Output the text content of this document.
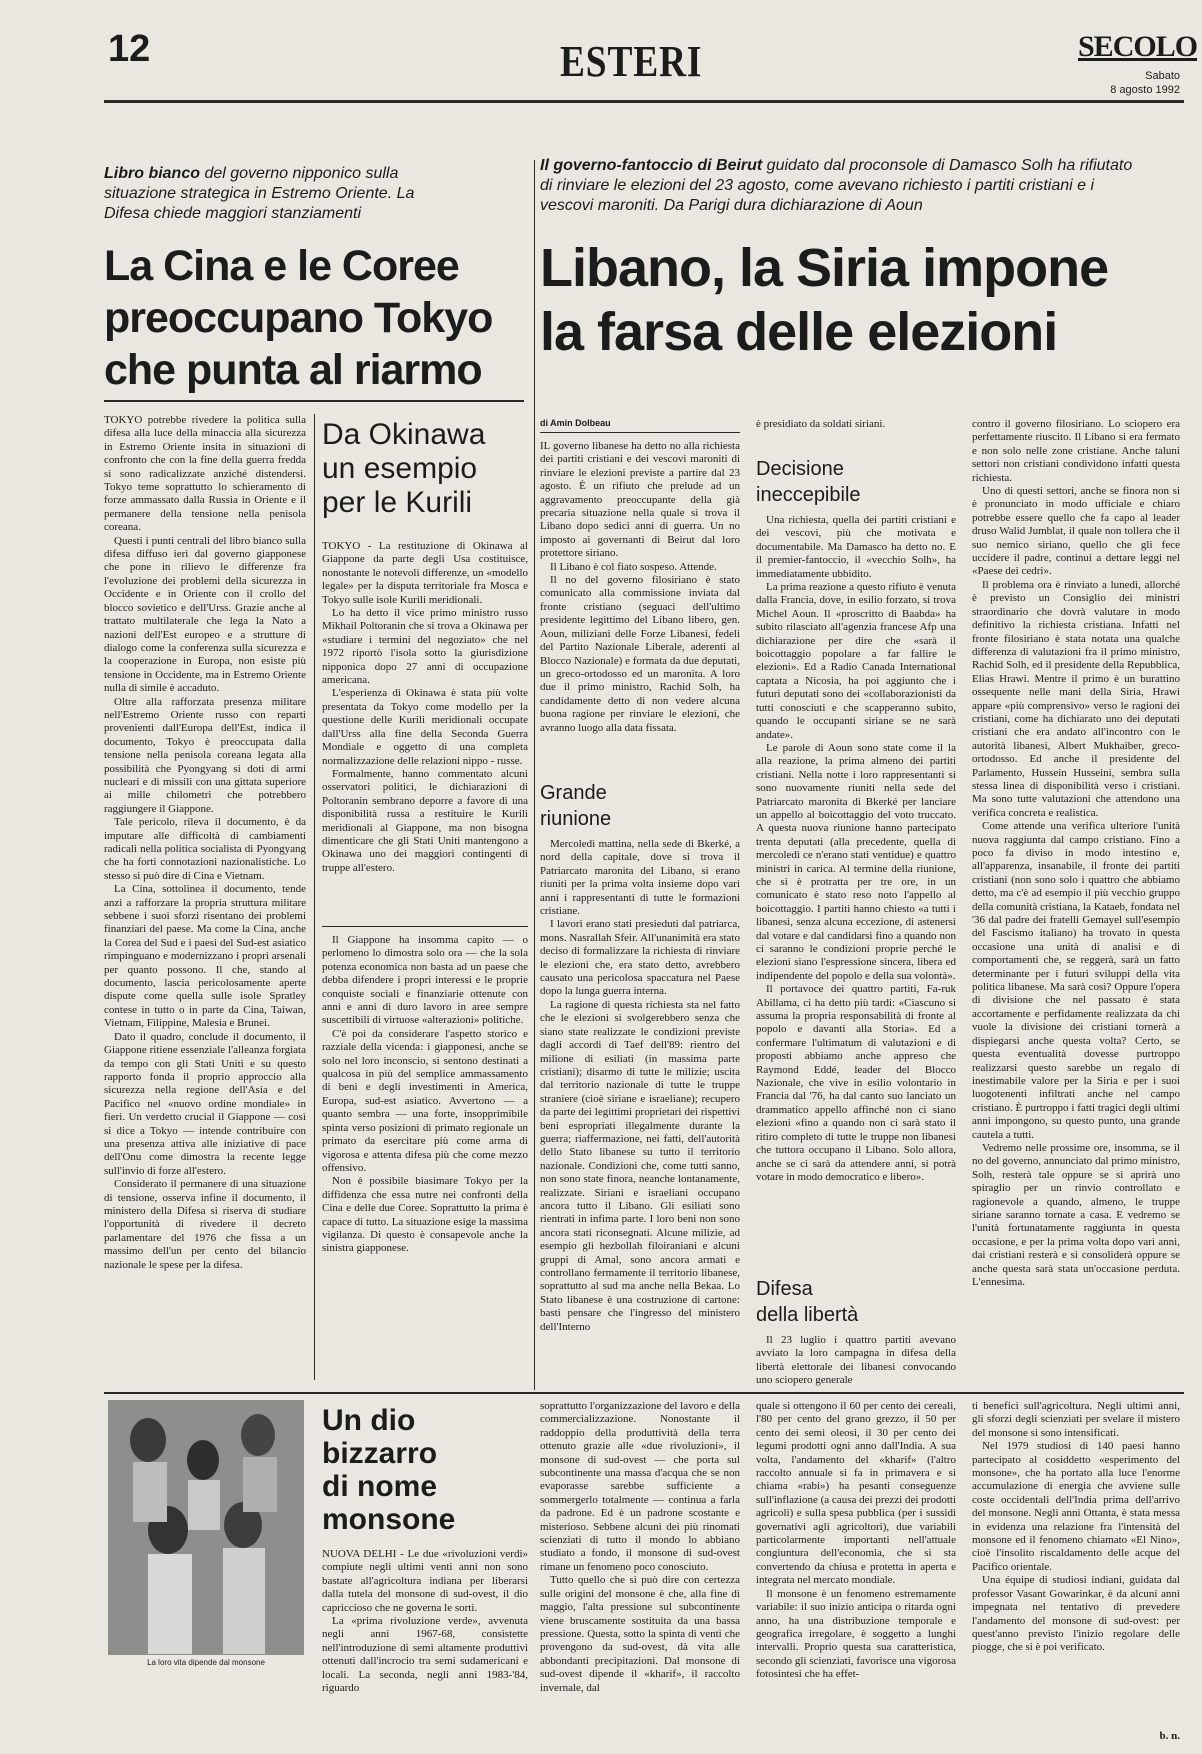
12	ESTERI	SECOLO
Sabato
8 agosto 1992
Libro bianco del governo nipponico sulla situazione strategica in Estremo Oriente. La Difesa chiede maggiori stanziamenti
La Cina e le Coree
preoccupano Tokyo
che punta al riarmo

TOKYO potrebbe rivedere la politica sulla difesa alla luce della minaccia alla sicurezza in Estremo Oriente insita in situazioni di confronto che con la fine della guerra fredda si sono radicalizzate anziché distendersi. Tokyo teme soprattutto lo schieramento di forze ammassato dalla Russia in Oriente e il permanere della tensione nella penisola coreana.

Questi i punti centrali del libro bianco sulla difesa diffuso ieri dal governo giapponese che pone in rilievo le differenze fra l'evoluzione dei problemi della sicurezza in Occidente e in Oriente con il crollo del blocco sovietico e dell'Urss. Grazie anche al trattato multilaterale che lega la Nato a nazioni dell'Est europeo e a strutture di dialogo come la conferenza sulla sicurezza e la cooperazione in Europa, non esiste più tensione in Occidente, ma in Estremo Oriente nulla di simile è accaduto.

Oltre alla rafforzata presenza militare nell'Estremo Oriente russo con reparti provenienti dall'Europa dell'Est, indica il documento, Tokyo è preoccupata dalla tensione nella penisola coreana legata alla possibilità che Pyongyang si doti di armi nucleari e di missili con una gittata superiore ai mille chilometri che potrebbero raggiungere il Giappone.

Tale pericolo, rileva il documento, è da imputare alle difficoltà di cambiamenti radicali nella politica socialista di Pyongyang che ha forti connotazioni nazionalistiche. Lo stesso si può dire di Cina e Vietnam.

La Cina, sottolinea il documento, tende anzi a rafforzare la propria struttura militare sebbene i suoi sforzi risentano dei problemi finanziari del paese. Ma come la Cina, anche la Corea del Sud e i paesi del Sud-est asiatico rimpinguano e modernizzano i propri arsenali per quanto possono. Il che, stando al documento, lascia pericolosamente aperte dispute come quella sulle isole Spratley contese in tutto o in parte da Cina, Taiwan, Vietnam, Filippine, Malesia e Brunei.

Dato il quadro, conclude il documento, il Giappone ritiene essenziale l'alleanza forgiata da tempo con gli Stati Uniti e su questo rapporto fonda il proprio approccio alla sicurezza nella regione dell'Asia e del Pacifico nel «nuovo ordine mondiale» in fieri. Un verdetto crucial il Giappone — così si dice a Tokyo — intende contribuire con una presenza attiva alle iniziative di pace dell'Onu come dimostra la recente legge sull'invio di forze all'estero.

Considerato il permanere di una situazione di tensione, osserva infine il documento, il ministero della Difesa si riserva di studiare l'opportunità di rivedere il decreto parlamentare del 1976 che fissa a un massimo dell'un per cento del bilancio nazionale le spese per la difesa.

Da Okinawa
un esempio
per le Kurili

TOKYO - La restituzione di Okinawa al Giappone da parte degli Usa costituisce, nonostante le notevoli differenze, un «modello legale» per la disputa territoriale fra Mosca e Tokyo sulle isole Kurili meridionali.

Lo ha detto il vice primo ministro russo Mikhail Poltoranin che si trova a Okinawa per «studiare i termini del negoziato» che nel 1972 riportò l'isola sotto la giurisdizione nipponica dopo 27 anni di occupazione americana.

L'esperienza di Okinawa è stata più volte presentata da Tokyo come modello per la questione delle Kurili meridionali occupate dall'Urss alla fine della Seconda Guerra Mondiale e oggetto di una completa normalizzazione delle relazioni nippo - russe.

Formalmente, hanno commentato alcuni osservatori politici, le dichiarazioni di Poltoranin sembrano deporre a favore di una disponibilità russa a restituire le Kurili meridionali al Giappone, ma non bisogna dimenticare che gli Stati Uniti mantengono a Okinawa uno dei maggiori contingenti di truppe all'estero.

Il Giappone ha insomma capito — o perlomeno lo dimostra solo ora — che la sola potenza economica non basta ad un paese che debba difendere i propri interessi e le proprie conquiste sociali e finanziarie ottenute con anni e anni di duro lavoro in aree sempre suscettibili di virtuose «alterazioni» politiche.

C'è poi da considerare l'aspetto storico e razziale della vicenda: i giapponesi, anche se solo nel loro inconscio, si sentono destinati a qualcosa in più del semplice ammassamento di beni e degli investimenti in America, Europa, sud-est asiatico. Avvertono — a quanto sembra — una forte, insopprimibile spinta verso posizioni di primato regionale un primato da esercitare più come arma di vigorosa e attenta difesa più che come mezzo offensivo.

Non è possibile biasimare Tokyo per la diffidenza che essa nutre nei confronti della Cina e delle due Coree. Soprattutto la prima è capace di tutto. La situazione esige la massima vigilanza. Di questo è consapevole anche la sinistra giapponese.

Il governo-fantoccio di Beirut guidato dal proconsole di Damasco Solh ha rifiutato di rinviare le elezioni del 23 agosto, come avevano richiesto i partiti cristiani e i vescovi maroniti. Da Parigi dura dichiarazione di Aoun
Libano, la Siria impone
la farsa delle elezioni
di Amin Dolbeau

IL governo libanese ha detto no alla richiesta dei partiti cristiani e dei vescovi maroniti di rinviare le elezioni previste a partire dal 23 agosto. È un rifiuto che prelude ad un aggravamento preoccupante della già precaria situazione nella quale si trova il Libano dopo sedici anni di guerra. Un no imposto ai governanti di Beirut dal loro protettore siriano.

Il Libano è col fiato sospeso. Attende.

Il no del governo filosiriano è stato comunicato alla commissione inviata dal fronte cristiano (seguaci dell'ultimo presidente legittimo del Libano libero, gen. Aoun, miliziani delle Forze Libanesi, fedeli del Partito Nazionale Liberale, aderenti al Blocco Nazionale) e formata da due deputati, un greco-ortodosso ed un maronita. A loro due il primo ministro, Rachid Solh, ha candidamente detto di non vedere alcuna buona ragione per rinviare le elezioni, che avranno luogo alla data fissata.

Grande
riunione

Mercoledì mattina, nella sede di Bkerké, a nord della capitale, dove si trova il Patriarcato maronita del Libano, si erano riuniti per la prima volta insieme dopo vari anni i rappresentanti di tutte le formazioni cristiane.

I lavori erano stati presieduti dal patriarca, mons. Nasrallah Sfeir. All'unanimità era stato deciso di formalizzare la richiesta di rinviare le elezioni che, era stato detto, avrebbero causato una pericolosa spaccatura nel Paese dopo la lunga guerra interna.

La ragione di questa richiesta sta nel fatto che le elezioni si svolgerebbero senza che siano state realizzate le condizioni previste dagli accordi di Taef dell'89: rientro del milione di esiliati (in massima parte cristiani); disarmo di tutte le milizie; uscita dal territorio nazionale di tutte le truppe straniere (cioè siriane e israeliane); recupero da parte dei legittimi proprietari dei rispettivi beni espropriati illegalmente durante la guerra; riaffermazione, nei fatti, dell'autorità dello Stato libanese su tutto il territorio nazionale. Condizioni che, come tutti sanno, non sono state finora, neanche lontanamente, realizzate. Siriani e israeliani occupano ancora tutto il Libano. Gli esiliati sono rientrati in infima parte. I loro beni non sono ancora stati riconsegnati. Alcune milizie, ad esempio gli hezbollah filoiraniani e alcuni gruppi di Amal, sono ancora armati e controllano fermamente il territorio libanese, soprattutto al sud ma anche nella Bekaa. Lo Stato libanese è una costruzione di cartone: basti pensare che l'ingresso del ministero dell'Interno

è presidiato da soldati siriani.

Decisione
ineccepibile

Una richiesta, quella dei partiti cristiani e dei vescovi, più che motivata e documentabile. Ma Damasco ha detto no. E il premier-fantoccio, il «vecchio Solh», ha immediatamente ubbidito.

La prima reazione a questo rifiuto è venuta dalla Francia, dove, in esilio forzato, si trova Michel Aoun. Il «proscritto di Baabda» ha subito rilasciato all'agenzia francese Afp una dichiarazione per dire che «sarà il boicottaggio popolare a far fallire le elezioni». Ed a Radio Canada International captata a Nicosia, ha poi aggiunto che i futuri deputati sono dei «collaborazionisti da tutti conosciuti e che scapperanno subito, quando le occupanti siriane se ne sarà andate».

Le parole di Aoun sono state come il la alla reazione, la prima almeno dei partiti cristiani. Nella notte i loro rappresentanti si sono nuovamente riuniti nella sede del Patriarcato maronita di Bkerké per lanciare un appello al boicottaggio del voto truccato. A questa nuova riunione hanno partecipato trenta deputati (alla precedente, quella di mercoledì ce n'erano stati ventidue) e quattro ministri in carica. Al termine della riunione, che si è protratta per tre ore, in un comunicato è stato reso noto l'appello al boicottaggio. I partiti hanno chiesto «a tutti i libanesi, senza alcuna eccezione, di astenersi dal votare e dal candidarsi fino a quando non ci saranno le condizioni proprie perché le elezioni siano l'espressione sincera, libera ed indipendente del popolo e della sua volontà».

Il portavoce dei quattro partiti, Fa-ruk Abillama, ci ha detto più tardi: «Ciascuno si assuma la propria responsabilità di fronte al popolo e davanti alla Storia». Ed a confermare l'ultimatum di valutazioni e di proposti abbiamo anche appreso che Raymond Eddé, leader del Blocco Nazionale, che vive in esilio volontario in Francia dal '76, ha dal canto suo lanciato un drammatico appello affinché non ci siano elezioni «fino a quando non ci sarà stato il ritiro completo di tutte le truppe non libanesi che tuttora occupano il Libano. Solo allora, anche se ci sarà da attendere anni, si potrà votare in modo democratico e libero».

Difesa
della libertà

Il 23 luglio i quattro partiti avevano avviato la loro campagna in difesa della libertà elettorale dei libanesi convocando uno sciopero generale

contro il governo filosiriano. Lo sciopero era perfettamente riuscito. Il Libano si era fermato e non solo nelle zone cristiane. Anche taluni settori non cristiani condividono infatti questa richiesta.

Uno di questi settori, anche se finora non si è pronunciato in modo ufficiale e chiaro potrebbe essere quello che fa capo al leader druso Walid Jumblat, il quale non tollera che il suo nemico siriano, quello che gli fece uccidere il padre, continui a dettare leggi nel «Paese dei cedri».

Il problema ora è rinviato a lunedì, allorché è previsto un Consiglio dei ministri straordinario che dovrà valutare in modo definitivo la richiesta cristiana. Infatti nel fronte filosiriano è stata notata una qualche differenza di valutazioni fra il primo ministro, Rachid Solh, ed il presidente della Repubblica, Elias Hrawi. Mentre il primo è un burattino ossequente nelle mani della Siria, Hrawi appare «più comprensivo» verso le ragioni dei cristiani, come ha dichiarato uno dei deputati cristiani che era andato all'incontro con le autorità libanesi, Albert Mukhaiber, greco-ortodosso. Ed anche il presidente del Parlamento, Hussein Husseini, sembra sulla stessa linea di disponibilità verso i cristiani. Ma sono tutte valutazioni che attendono una verifica concreta e realistica.

Come attende una verifica ulteriore l'unità nuova raggiunta dal campo cristiano. Fino a poco fa diviso in modo intestino e, all'apparenza, insanabile, il fronte dei partiti cristiani (non sono solo i quattro che abbiamo detto, ma c'è ad esempio il più vecchio gruppo della comunità cristiana, la Kataeb, fondata nel '36 dal padre dei fratelli Gemayel sull'esempio del Fascismo italiano) ha trovato in questa occasione una unità di analisi e di comportamenti che, se reggerà, sarà un fatto determinante per i futuri sviluppi della vita politica libanese. Ma sarà così? Oppure l'opera di divisione che nel passato è stata accortamente e perfidamente realizzata da chi vuole la divisione dei cristiani tornerà a dispiegarsi anche questa volta? Certo, se questa eventualità dovesse purtroppo realizzarsi questo sarebbe un regalo di inestimabile valore per la Siria e per i suoi luogotenenti infiltrati anche nel campo cristiano. È purtroppo i fatti tragici degli ultimi anni impongono, su questo punto, una grande cautela a tutti.

Vedremo nelle prossime ore, insomma, se il no del governo, annunciato dal primo ministro, Solh, resterà tale oppure se si aprirà uno spiraglio per un rinvio controllato e ragionevole a quando, almeno, le truppe siriane saranno tornate a casa. E vedremo se l'unità fortunatamente raggiunta in questa occasione, e per la prima volta dopo vari anni, dai cristiani resterà e si consoliderà oppure se anche questa sarà stata un'occasione perduta. L'ennesima.

La loro vita dipende dal monsone
Un dio
bizzarro
di nome
monsone

NUOVA DELHI - Le due «rivoluzioni verdi» compiute negli ultimi venti anni non sono bastate all'agricoltura indiana per liberarsi dalla tutela del monsone di sud-ovest, il dio capriccioso che ne governa le sorti.

La «prima rivoluzione verde», avvenuta negli anni 1967-68, consistette nell'introduzione di semi altamente produttivi ottenuti dall'incrocio tra semi sudamericani e locali. La seconda, negli anni 1983-'84, riguardo

soprattutto l'organizzazione del lavoro e della commercializzazione. Nonostante il raddoppio della produttività della terra ottenuto grazie alle «due rivoluzioni», il monsone di sud-ovest — che porta sul subcontinente una massa d'acqua che se non evaporasse sarebbe sufficiente a sommergerlo totalmente — continua a farla da padrone. Ed è un padrone scostante e misterioso. Sebbene alcuni dei più rinomati scienziati di tutto il mondo lo abbiano studiato a fondo, il monsone di sud-ovest rimane un fenomeno poco conosciuto.

Tutto quello che si può dire con certezza sulle origini del monsone è che, alla fine di maggio, l'alta pressione sul subcontinente viene bruscamente sostituita da una bassa pressione. Questa, sotto la spinta di venti che provengono da sud-ovest, dà vita alle abbondanti precipitazioni. Dal monsone di sud-ovest dipende il «kharif», il raccolto invernale, dal

quale si ottengono il 60 per cento dei cereali, l'80 per cento del grano grezzo, il 50 per cento dei semi oleosi, il 30 per cento dei legumi prodotti ogni anno dall'India. A sua volta, l'andamento del «kharif» (l'altro raccolto annuale si fa in primavera e si chiama «rabi») ha pesanti conseguenze sull'inflazione (a causa dei prezzi dei prodotti agricoli) e sulla spesa pubblica (per i sussidi governativi agli agricoltori), due variabili particolarmente importanti nell'attuale congiuntura dell'economia, che si sta convertendo da chiusa e protetta in aperta e integrata nel mercato mondiale.

Il monsone è un fenomeno estremamente variabile: il suo inizio anticipa o ritarda ogni anno, ha una distribuzione temporale e geografica irregolare, è soggetto a lunghi intervalli. Proprio questa sua caratteristica, secondo gli scienziati, favorisce una vigorosa fotosintesi che ha effet-

ti benefici sull'agricoltura. Negli ultimi anni, gli sforzi degli scienziati per svelare il mistero del monsone si sono intensificati.

Nel 1979 studiosi di 140 paesi hanno partecipato al cosiddetto «esperimento del monsone», che ha portato alla luce l'enorme accumulazione di energia che avviene sulle coste occidentali dell'India prima dell'arrivo del monsone. Negli anni Ottanta, è stata messa in evidenza una relazione fra l'intensità del monsone ed il fenomeno chiamato «El Nino», cioè l'insolito riscaldamento delle acque del Pacifico orientale.

Una équipe di studiosi indiani, guidata dal professor Vasant Gowarinkar, è da alcuni anni impegnata nel tentativo di prevedere l'andamento del monsone di sud-ovest: per quest'anno previsto l'inizio regolare delle piogge, che si è poi verificato.

b. n.
